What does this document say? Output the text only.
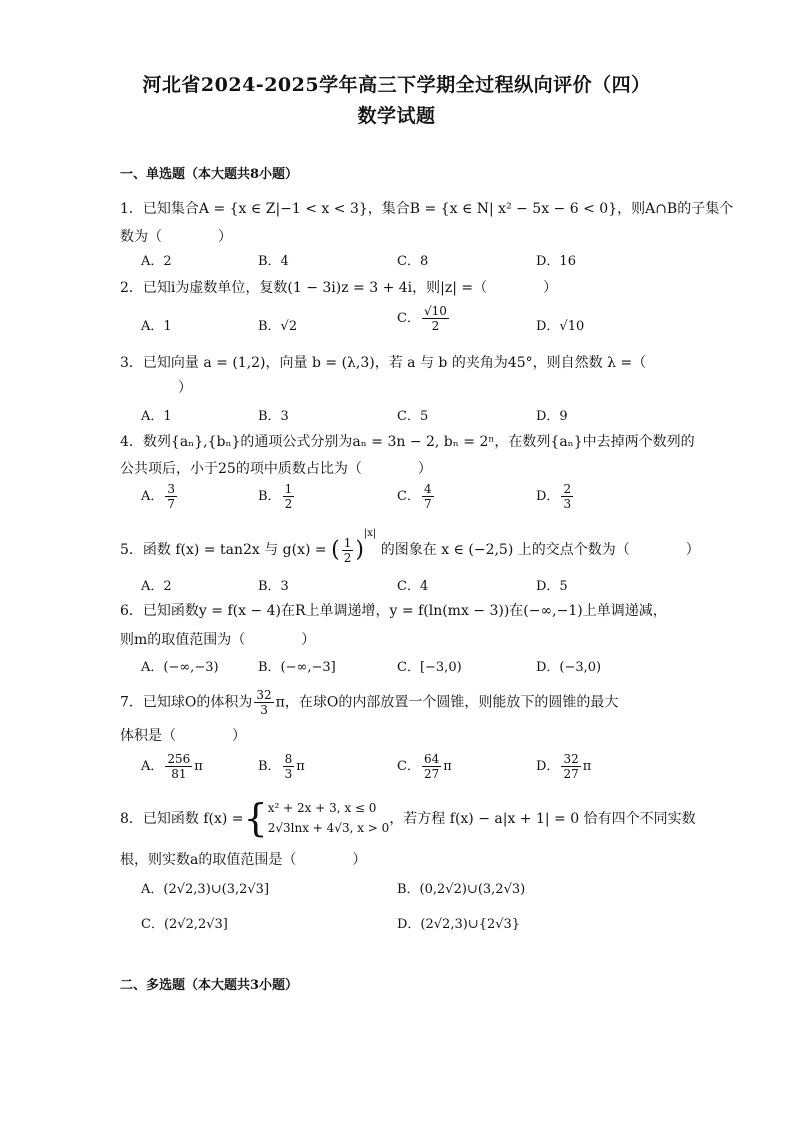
河北省2024-2025学年高三下学期全过程纵向评价（四）
数学试题
一、单选题（本大题共8小题）
1．已知集合A = {x ∈ Z|−1 < x < 3}，集合B = {x ∈ N| x² − 5x − 6 < 0}，则A∩B的子集个
数为（　　　　）
A．2	B．4	C．8	D．16
2．已知i为虚数单位，复数(1 − 3i)z = 3 + 4i，则|z| =（　　　　）
A．1	B．√2
C． $\frac{√10}{2}$	D．√10
3．已知向量 a = (1,2)，向量 b = (λ,3)，若 a 与 b 的夹角为45°，则自然数 λ =（
）
A．1	B．3	C．5	D．9
4．数列{aₙ},{bₙ}的通项公式分别为aₙ = 3n − 2, bₙ = 2ⁿ，在数列{aₙ}中去掉两个数列的
公共项后，小于25的项中质数占比为（　　　　）
A． $\frac{3}{7}$	B． $\frac{1}{2}$	C． $\frac{4}{7}$	D． $\frac{2}{3}$
5．函数 f(x) = tan2x 与 g(x) = ( $\frac{1}{2} )^{|x|}$ 的图象在 x ∈ (−2,5) 上的交点个数为（　　　　）
A．2	B．3	C．4	D．5
6．已知函数y = f(x − 4)在R上单调递增，y = f(ln(mx − 3))在(−∞,−1)上单调递减，
则m的取值范围为（　　　　）
A．(−∞,−3)	B．(−∞,−3]	C．[−3,0)	D．(−3,0)
7．已知球O的体积为 $\frac{32}{3}$ π，在球O的内部放置一个圆锥，则能放下的圆锥的最大
体积是（　　　　）
A． $\frac{256}{81}$ π	B． $\frac{8}{3}$ π	C． $\frac{64}{27}$ π	D． $\frac{32}{27}$ π
8．已知函数 f(x) ={ x² + 2x + 3, x ≤ 0
2√3lnx + 4√3, x > 0
，若方程 f(x) − a|x + 1| = 0 恰有四个不同实数
根，则实数a的取值范围是（　　　　）
A．(2√2,3)∪(3,2√3]	B．(0,2√2)∪(3,2√3)
C．(2√2,2√3]	D．(2√2,3)∪{2√3}
二、多选题（本大题共3小题）
